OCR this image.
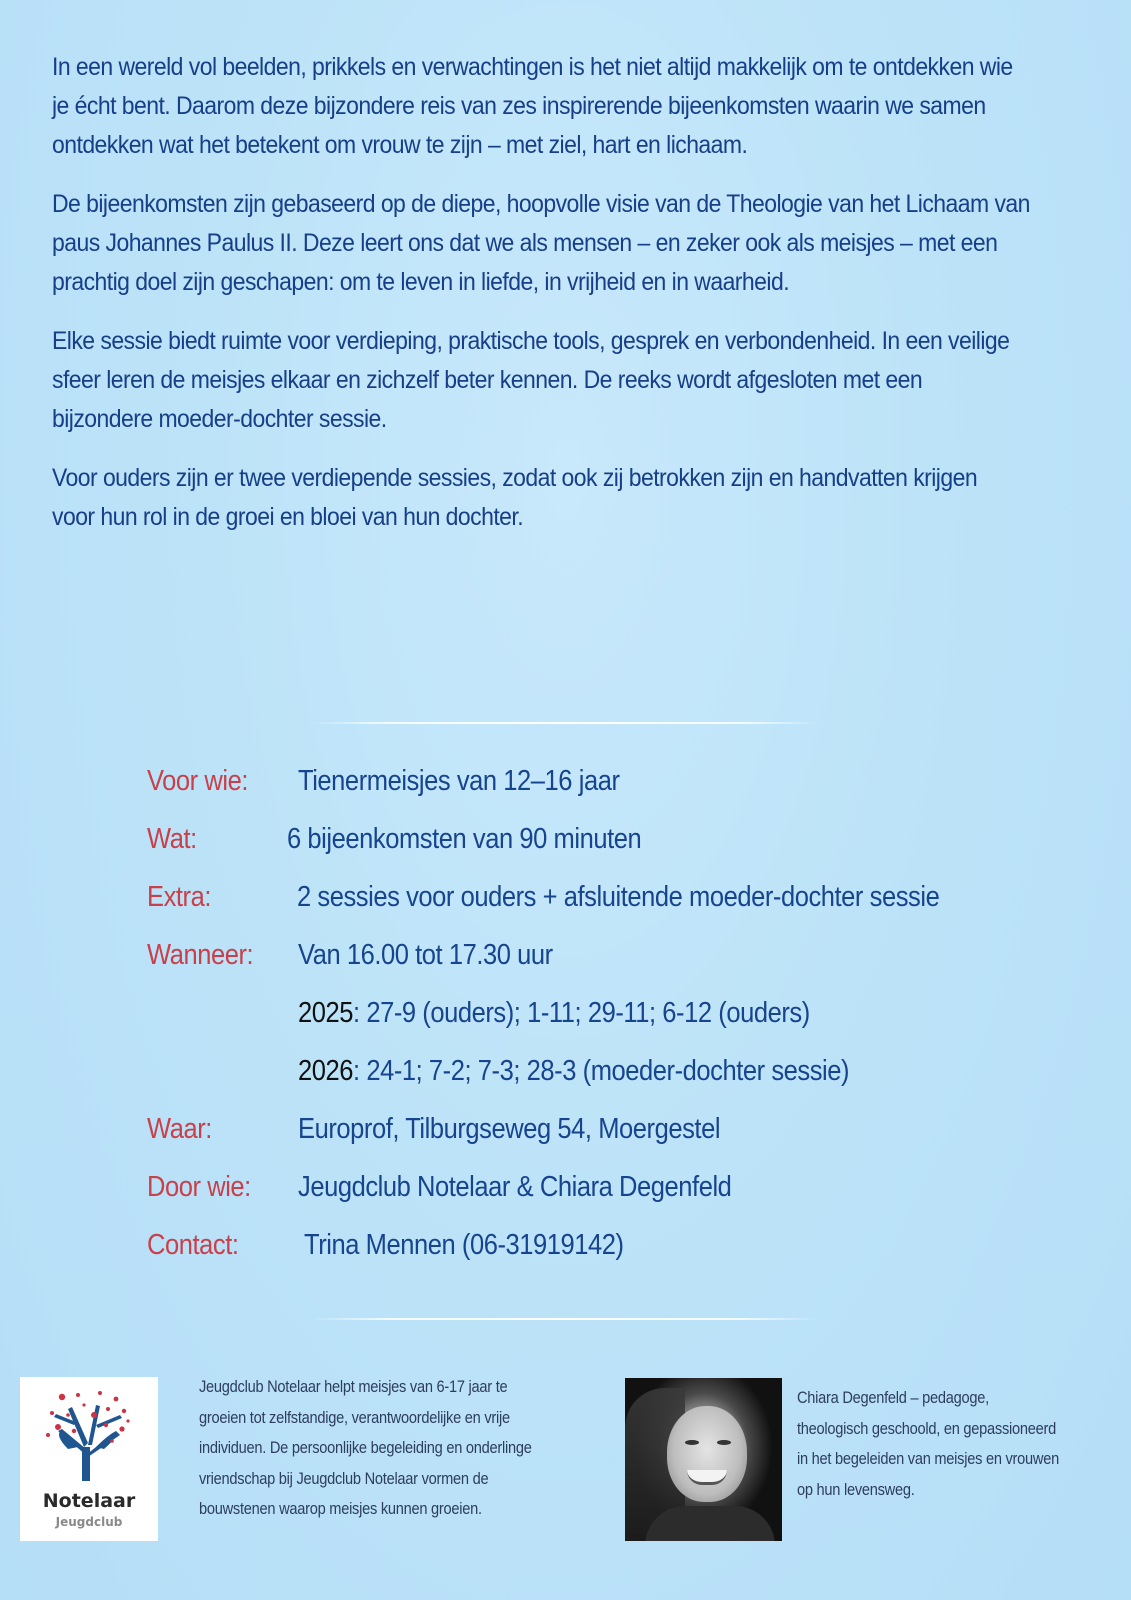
In een wereld vol beelden, prikkels en verwachtingen is het niet altijd makkelijk om te ontdekken wie
je écht bent. Daarom deze bijzondere reis van zes inspirerende bijeenkomsten waarin we samen
ontdekken wat het betekent om vrouw te zijn – met ziel, hart en lichaam.

De bijeenkomsten zijn gebaseerd op de diepe, hoopvolle visie van de Theologie van het Lichaam van
paus Johannes Paulus II. Deze leert ons dat we als mensen – en zeker ook als meisjes – met een
prachtig doel zijn geschapen: om te leven in liefde, in vrijheid en in waarheid.

Elke sessie biedt ruimte voor verdieping, praktische tools, gesprek en verbondenheid. In een veilige
sfeer leren de meisjes elkaar en zichzelf beter kennen. De reeks wordt afgesloten met een
bijzondere moeder-dochter sessie.

Voor ouders zijn er twee verdiepende sessies, zodat ook zij betrokken zijn en handvatten krijgen
voor hun rol in de groei en bloei van hun dochter.

Voor wie: Tienermeisjes van 12–16 jaar
Wat:	6 bijeenkomsten van 90 minuten
Extra:	2 sessies voor ouders + afsluitende moeder-dochter sessie
Wanneer: Van 16.00 tot 17.30 uur
2025: 27-9 (ouders); 1-11; 29-11; 6-12 (ouders)
2026: 24-1; 7-2; 7-3; 28-3 (moeder-dochter sessie)
Waar:	Europrof, Tilburgseweg 54, Moergestel
Door wie: Jeugdclub Notelaar & Chiara Degenfeld
Contact: Trina Mennen (06-31919142)
Notelaar
Jeugdclub
Jeugdclub Notelaar helpt meisjes van 6-17 jaar te
groeien tot zelfstandige, verantwoordelijke en vrije
individuen. De persoonlijke begeleiding en onderlinge
vriendschap bij Jeugdclub Notelaar vormen de
bouwstenen waarop meisjes kunnen groeien.
Chiara Degenfeld – pedagoge,
theologisch geschoold, en gepassioneerd
in het begeleiden van meisjes en vrouwen
op hun levensweg.
